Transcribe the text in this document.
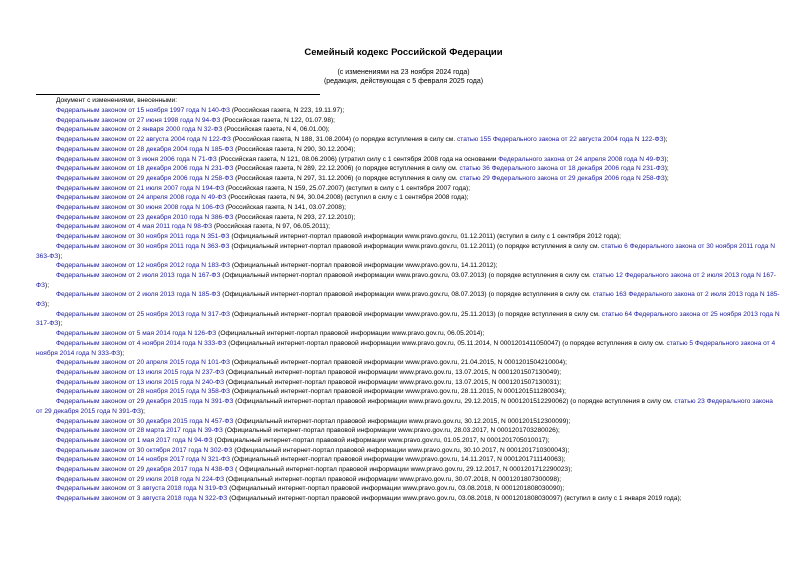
Семейный кодекс Российской Федерации
(с изменениями на 23 ноября 2024 года)
(редакция, действующая с 5 февраля 2025 года)
Документ с изменениями, внесенными:

Федеральным законом от 15 ноября 1997 года N 140-ФЗ (Российская газета, N 223, 19.11.97);

Федеральным законом от 27 июня 1998 года N 94-ФЗ (Российская газета, N 122, 01.07.98);

Федеральным законом от 2 января 2000 года N 32-ФЗ (Российская газета, N 4, 06.01.00);

Федеральным законом от 22 августа 2004 года N 122-ФЗ (Российская газета, N 188, 31.08.2004) (о порядке вступления в силу см. статью 155 Федерального закона от 22 августа 2004 года N 122-ФЗ);

Федеральным законом от 28 декабря 2004 года N 185-ФЗ (Российская газета, N 290, 30.12.2004);

Федеральным законом от 3 июня 2006 года N 71-ФЗ (Российская газета, N 121, 08.06.2006) (утратил силу с 1 сентября 2008 года на основании Федерального закона от 24 апреля 2008 года N 49-ФЗ);

Федеральным законом от 18 декабря 2006 года N 231-ФЗ (Российская газета, N 289, 22.12.2006) (о порядке вступления в силу см. статью 36 Федерального закона от 18 декабря 2006 года N 231-ФЗ);

Федеральным законом от 29 декабря 2006 года N 258-ФЗ (Российская газета, N 297, 31.12.2006) (о порядке вступления в силу см. статью 29 Федерального закона от 29 декабря 2006 года N 258-ФЗ);

Федеральным законом от 21 июля 2007 года N 194-ФЗ (Российская газета, N 159, 25.07.2007) (вступил в силу с 1 сентября 2007 года);

Федеральным законом от 24 апреля 2008 года N 49-ФЗ (Российская газета, N 94, 30.04.2008) (вступил в силу с 1 сентября 2008 года);

Федеральным законом от 30 июня 2008 года N 106-ФЗ (Российская газета, N 141, 03.07.2008);

Федеральным законом от 23 декабря 2010 года N 386-ФЗ (Российская газета, N 293, 27.12.2010);

Федеральным законом от 4 мая 2011 года N 98-ФЗ (Российская газета, N 97, 06.05.2011);

Федеральным законом от 30 ноября 2011 года N 351-ФЗ (Официальный интернет-портал правовой информации www.pravo.gov.ru, 01.12.2011) (вступил в силу с 1 сентября 2012 года);

Федеральным законом от 30 ноября 2011 года N 363-ФЗ (Официальный интернет-портал правовой информации www.pravo.gov.ru, 01.12.2011) (о порядке вступления в силу см. статью 6 Федерального закона от 30 ноября 2011 года N 363-ФЗ);

Федеральным законом от 12 ноября 2012 года N 183-ФЗ (Официальный интернет-портал правовой информации www.pravo.gov.ru, 14.11.2012);

Федеральным законом от 2 июля 2013 года N 167-ФЗ (Официальный интернет-портал правовой информации www.pravo.gov.ru, 03.07.2013) (о порядке вступления в силу см. статью 12 Федерального закона от 2 июля 2013 года N 167-ФЗ);

Федеральным законом от 2 июля 2013 года N 185-ФЗ (Официальный интернет-портал правовой информации www.pravo.gov.ru, 08.07.2013) (о порядке вступления в силу см. статью 163 Федерального закона от 2 июля 2013 года N 185-ФЗ);

Федеральным законом от 25 ноября 2013 года N 317-ФЗ (Официальный интернет-портал правовой информации www.pravo.gov.ru, 25.11.2013) (о порядке вступления в силу см. статью 64 Федерального закона от 25 ноября 2013 года N 317-ФЗ);

Федеральным законом от 5 мая 2014 года N 126-ФЗ (Официальный интернет-портал правовой информации www.pravo.gov.ru, 06.05.2014);

Федеральным законом от 4 ноября 2014 года N 333-ФЗ (Официальный интернет-портал правовой информации www.pravo.gov.ru, 05.11.2014, N 0001201411050047) (о порядке вступления в силу см. статью 5 Федерального закона от 4 ноября 2014 года N 333-ФЗ);

Федеральным законом от 20 апреля 2015 года N 101-ФЗ (Официальный интернет-портал правовой информации www.pravo.gov.ru, 21.04.2015, N 0001201504210004);

Федеральным законом от 13 июля 2015 года N 237-ФЗ (Официальный интернет-портал правовой информации www.pravo.gov.ru, 13.07.2015, N 0001201507130049);

Федеральным законом от 13 июля 2015 года N 240-ФЗ (Официальный интернет-портал правовой информации www.pravo.gov.ru, 13.07.2015, N 0001201507130031);

Федеральным законом от 28 ноября 2015 года N 358-ФЗ (Официальный интернет-портал правовой информации www.pravo.gov.ru, 28.11.2015, N 0001201511280034);

Федеральным законом от 29 декабря 2015 года N 391-ФЗ (Официальный интернет-портал правовой информации www.pravo.gov.ru, 29.12.2015, N 0001201512290062) (о порядке вступления в силу см. статью 23 Федерального закона от 29 декабря 2015 года N 391-ФЗ);

Федеральным законом от 30 декабря 2015 года N 457-ФЗ (Официальный интернет-портал правовой информации www.pravo.gov.ru, 30.12.2015, N 0001201512300099);

Федеральным законом от 28 марта 2017 года N 39-ФЗ (Официальный интернет-портал правовой информации www.pravo.gov.ru, 28.03.2017, N 0001201703280026);

Федеральным законом от 1 мая 2017 года N 94-ФЗ (Официальный интернет-портал правовой информации www.pravo.gov.ru, 01.05.2017, N 0001201705010017);

Федеральным законом от 30 октября 2017 года N 302-ФЗ (Официальный интернет-портал правовой информации www.pravo.gov.ru, 30.10.2017, N 0001201710300043);

Федеральным законом от 14 ноября 2017 года N 321-ФЗ (Официальный интернет-портал правовой информации www.pravo.gov.ru, 14.11.2017, N 0001201711140063);

Федеральным законом от 29 декабря 2017 года N 438-ФЗ ( Официальный интернет-портал правовой информации www.pravo.gov.ru, 29.12.2017, N 0001201712290023);

Федеральным законом от 29 июля 2018 года N 224-ФЗ (Официальный интернет-портал правовой информации www.pravo.gov.ru, 30.07.2018, N 0001201807300098);

Федеральным законом от 3 августа 2018 года N 319-ФЗ (Официальный интернет-портал правовой информации www.pravo.gov.ru, 03.08.2018, N 0001201808030090);

Федеральным законом от 3 августа 2018 года N 322-ФЗ (Официальный интернет-портал правовой информации www.pravo.gov.ru, 03.08.2018, N 0001201808030097) (вступил в силу с 1 января 2019 года);
